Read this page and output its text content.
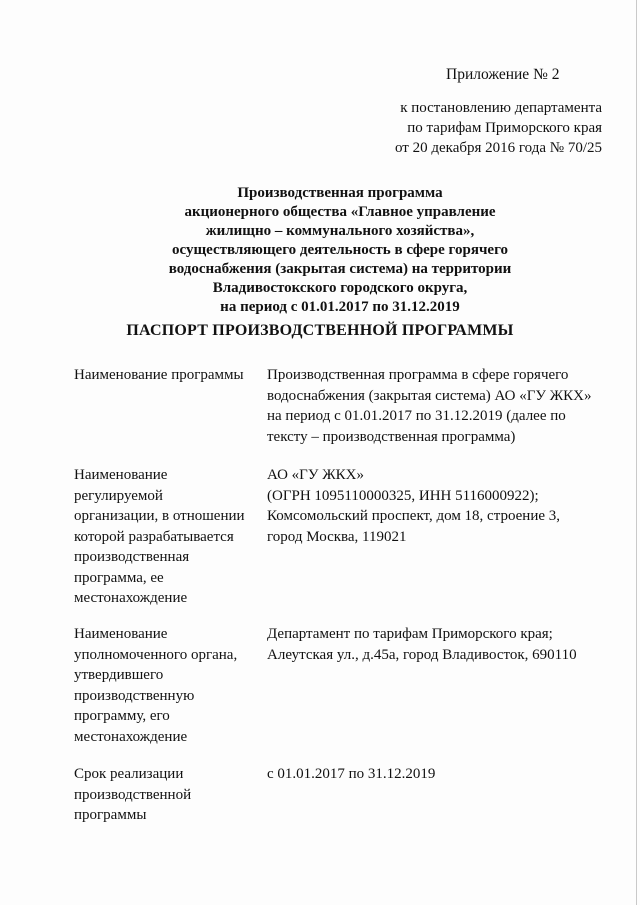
Приложение № 2
к постановлению департамента
по тарифам Приморского края
от 20 декабря 2016 года № 70/25
Производственная программа
акционерного общества «Главное управление
жилищно – коммунального хозяйства»,
осуществляющего деятельность в сфере горячего
водоснабжения (закрытая система) на территории
Владивостокского городского округа,
на период с 01.01.2017 по 31.12.2019
ПАСПОРТ ПРОИЗВОДСТВЕННОЙ ПРОГРАММЫ
Наименование программы	Производственная программа в сфере горячего
водоснабжения (закрытая система) АО «ГУ ЖКХ»
на период с 01.01.2017 по 31.12.2019 (далее по
тексту – производственная программа)
Наименование
регулируемой
организации, в отношении
которой разрабатывается
производственная
программа, ее
местонахождение
АО «ГУ ЖКХ»
(ОГРН 1095110000325, ИНН 5116000922);
Комсомольский проспект, дом 18, строение 3,
город Москва, 119021
Наименование
уполномоченного органа,
утвердившего
производственную
программу, его
местонахождение
Департамент по тарифам Приморского края;
Алеутская ул., д.45а, город Владивосток, 690110
Срок реализации
производственной
программы
с 01.01.2017 по 31.12.2019
